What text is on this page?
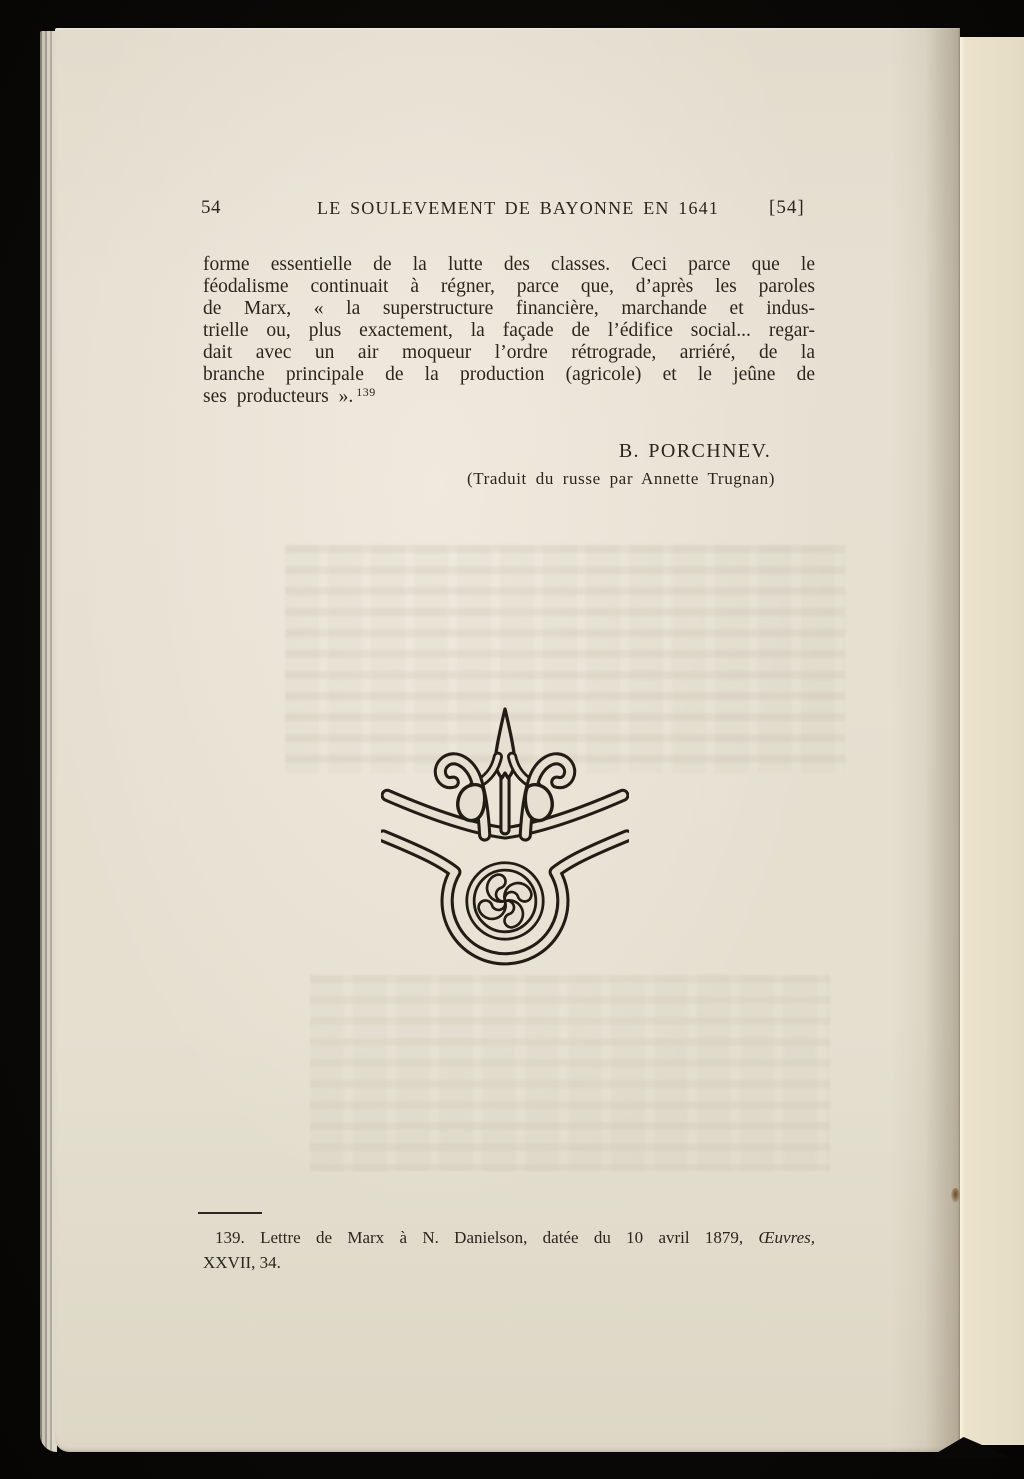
54	LE SOULEVEMENT DE BAYONNE EN 1641	[54]
forme essentielle de la lutte des classes. Ceci parce que le
féodalisme continuait à régner, parce que, d’après les paroles
de Marx, « la superstructure financière, marchande et indus-
trielle ou, plus exactement, la façade de l’édifice social... regar-
dait avec un air moqueur l’ordre rétrograde, arriéré, de la
branche principale de la production (agricole) et le jeûne de
ses producteurs ». $^{139}$
B. PORCHNEV.
(Traduit du russe par Annette Trugnan)
139. Lettre de Marx à N. Danielson, datée du 10 avril 1879, Œuvres,
XXVII, 34.
